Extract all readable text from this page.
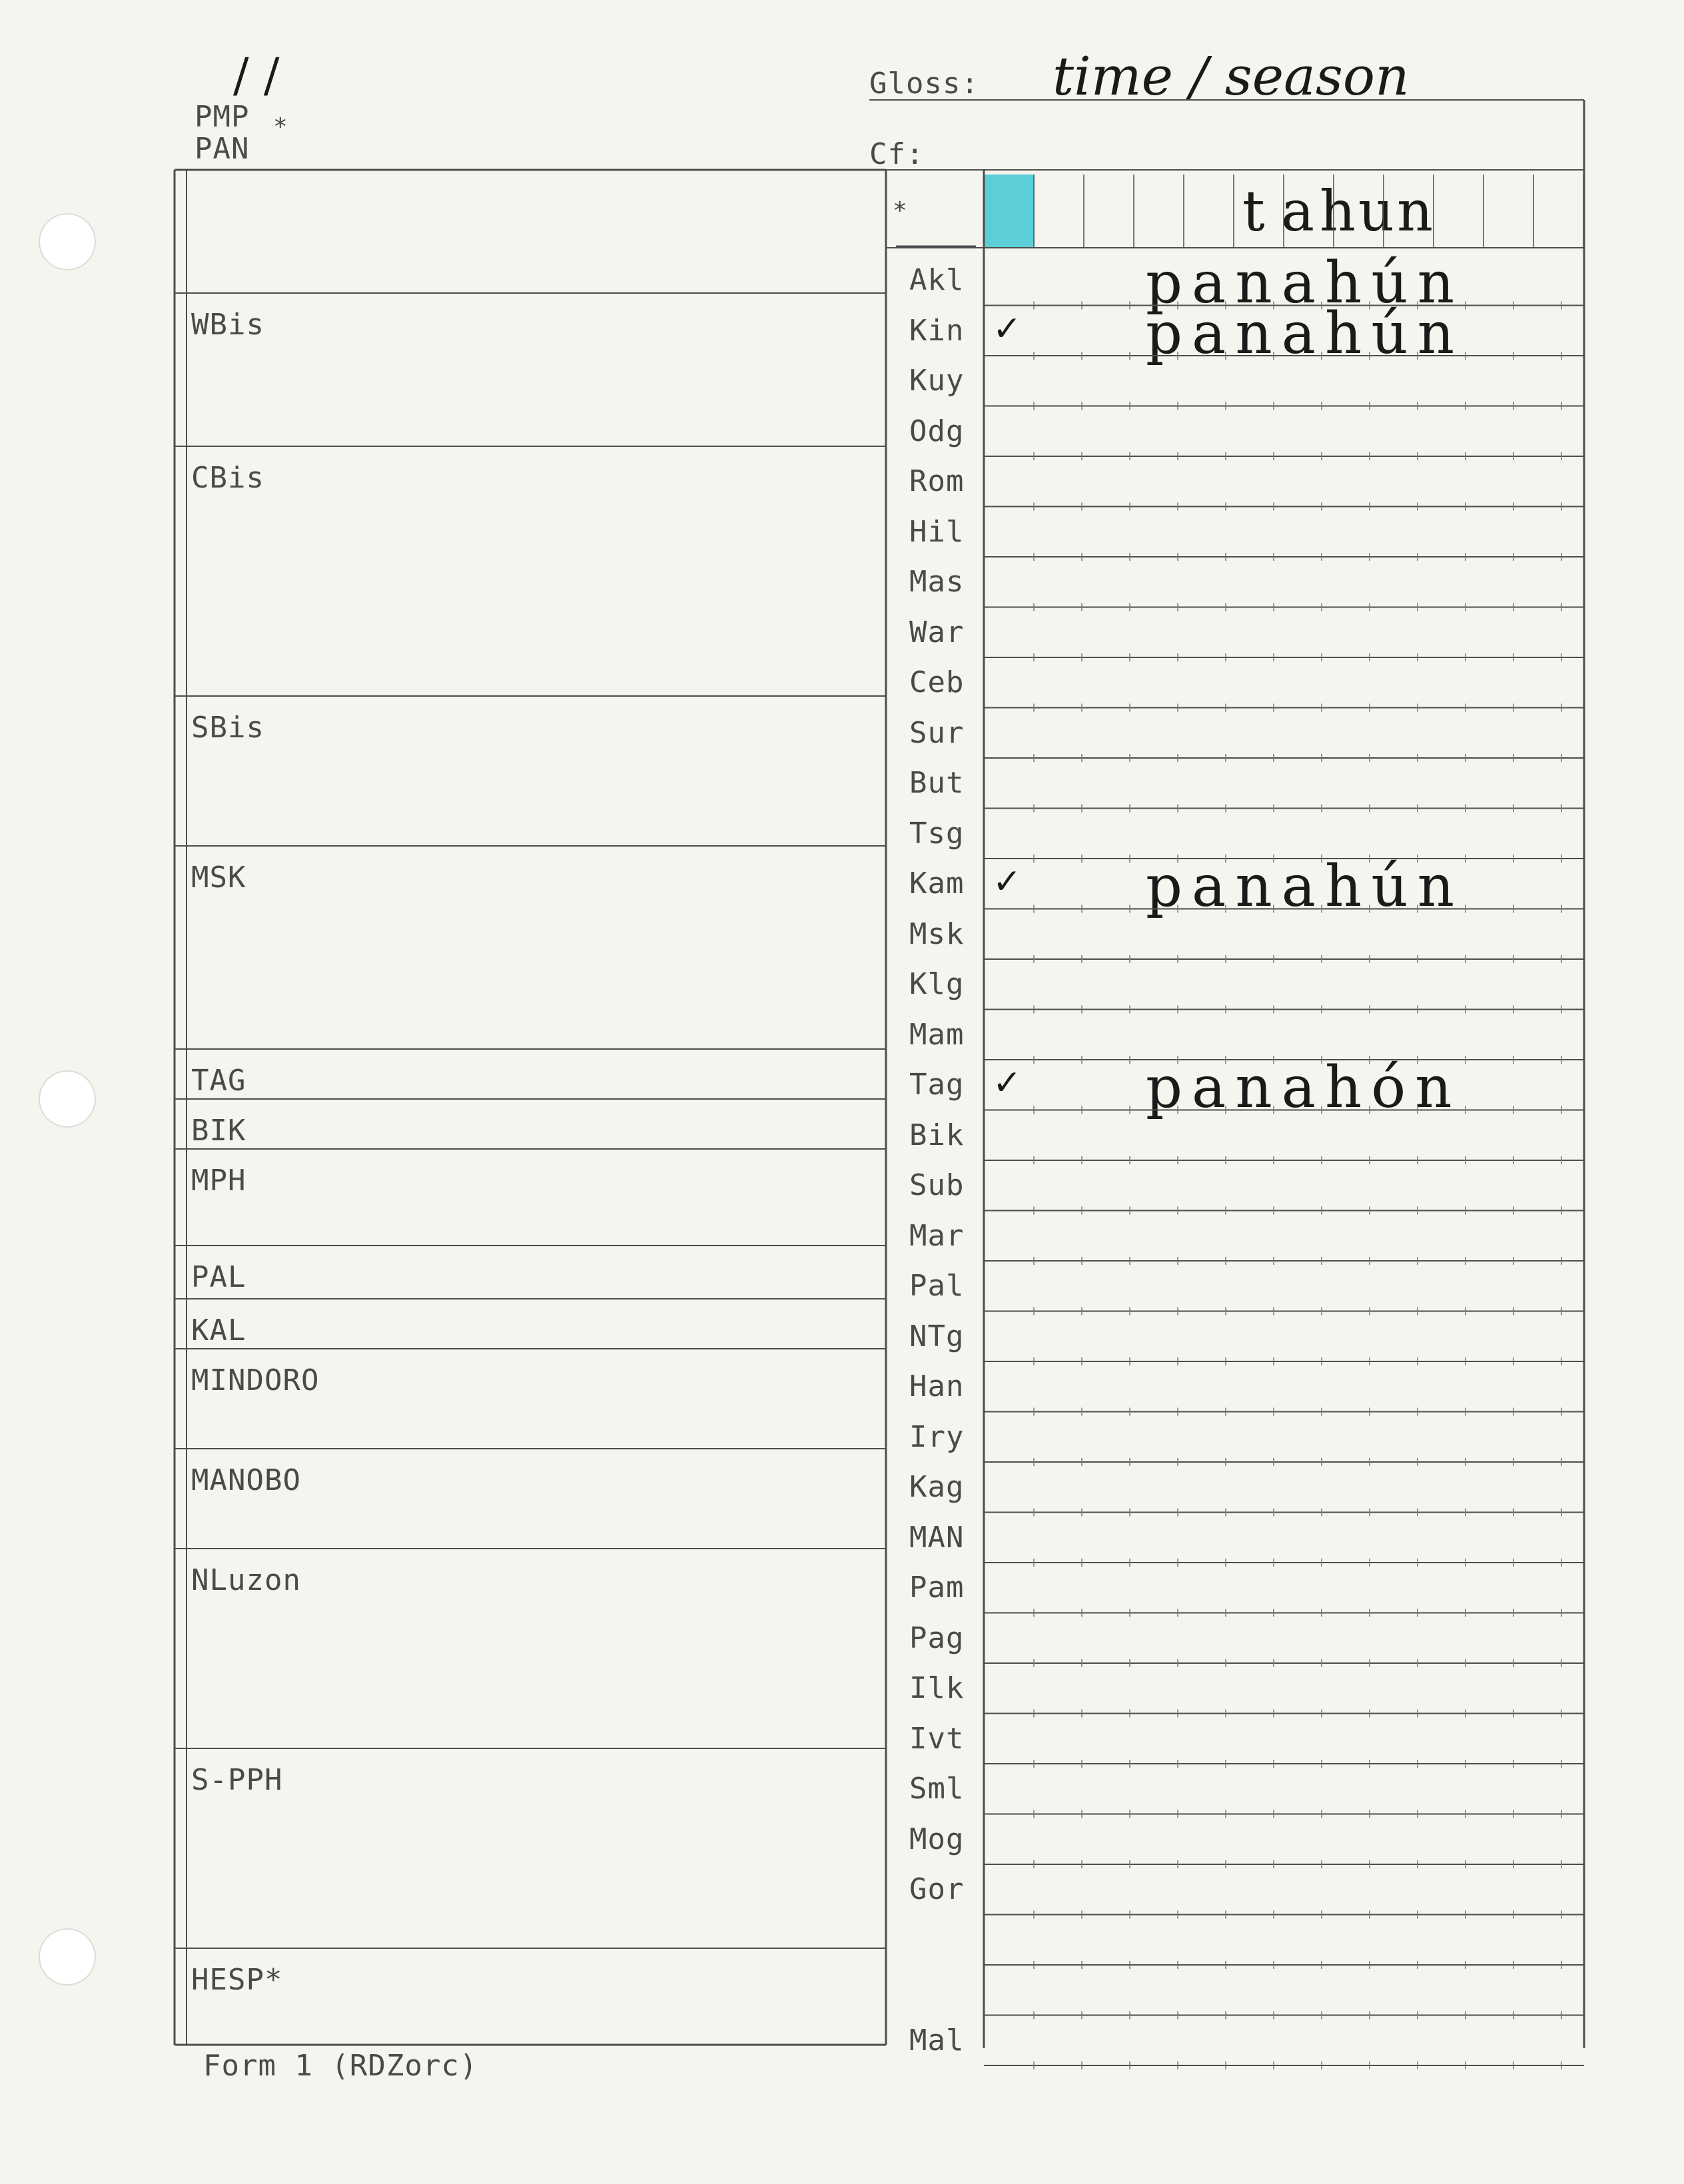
/ /
PMP
PAN
*
Gloss: time / season
Cf:
WBis
CBis
SBis
MSK
TAG
BIK
MPH
PAL
KAL
MINDORO
MANOBO
NLuzon
S-PPH
HESP*
Akl
Kin
Kuy
Odg
Rom
Hil
Mas
War
Ceb
Sur
But
Tsg
Kam
Msk
Klg
Mam
Tag
Bik
Sub
Mar
Pal
NTg
Han
Iry
Kag
MAN
Pam
Pag
Ilk
Ivt
Sml
Mog
Gor
Mal
*	t a h u n
panahún
✓ panahún
✓ panahún
✓ panahón
Form 1 (RDZorc)
